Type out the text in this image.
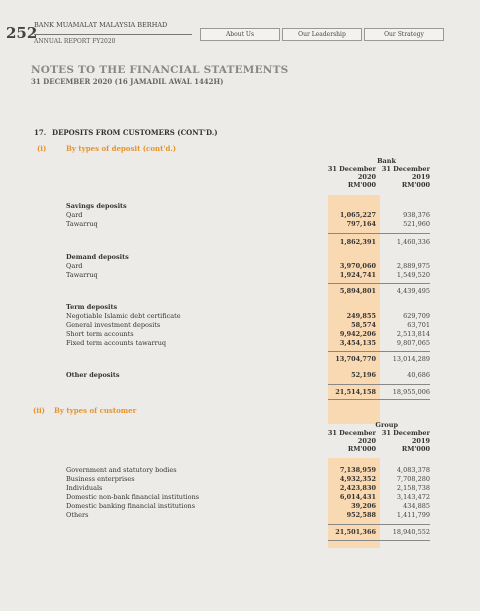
252
BANK MUAMALAT MALAYSIA BERHAD
ANNUAL REPORT FY2020
About Us	Our Leadership	Our Strategy
NOTES TO THE FINANCIAL STATEMENTS
31 DECEMBER 2020 (16 JAMADIL AWAL 1442H)
17. DEPOSITS FROM CUSTOMERS (CONT'D.)
(i)	By types of deposit (cont'd.)
Bank
31 December 31 December
2020	2019
RM'000	RM'000
Savings deposits
Qard	1,065,227	938,376
Tawarruq	797,164	521,960
1,862,391	1,460,336
Demand deposits
Qard	3,970,060	2,889,975
Tawarruq	1,924,741	1,549,520
5,894,801	4,439,495
Term deposits
Negotiable Islamic debt certificate	249,855	629,709
General investment deposits	58,574	63,701
Short term accounts	9,942,206	2,513,814
Fixed term accounts tawarruq	3,454,135	9,807,065
13,704,770	13,014,289
Other deposits	52,196	40,686
21,514,158	18,955,006
(ii) By types of customer
Group
31 December 31 December
2020	2019
RM'000	RM'000
Government and statutory bodies	7,138,959	4,083,378
Business enterprises	4,932,352	7,708,280
Individuals	2,423,830	2,158,738
Domestic non-bank financial institutions	6,014,431	3,143,472
Domestic banking financial institutions	39,206	434,885
Others	952,588	1,411,799
21,501,366	18,940,552
